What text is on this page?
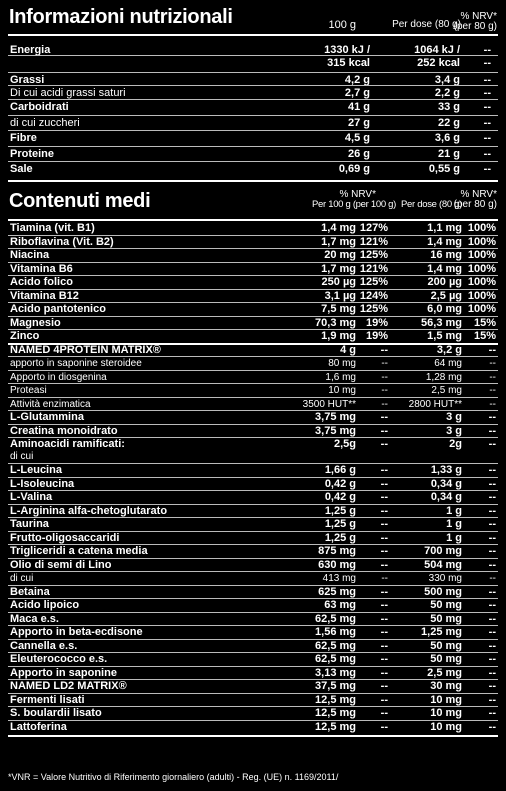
Informazioni nutrizionali	100 g	Per dose (80 g)
% NRV*
(per 80 g)
Energia	1330 kJ /	1064 kJ / --
315 kcal	252 kcal --
Grassi	4,2 g	3,4 g --
Di cui acidi grassi saturi	2,7 g	2,2 g --
Carboidrati	41 g	33 g --
di cui zuccheri	27 g	22 g --
Fibre	4,5 g	3,6 g --
Proteine	26 g	21 g --
Sale	0,69 g	0,55 g --
Contenuti medi	% NRV*
Per 100 g (per 100 g) Per dose (80 g)
% NRV*
(per 80 g)
Tiamina (vit. B1)	1,4 mg 127%	1,1 mg 100%
Riboflavina (Vit. B2)	1,7 mg 121%	1,4 mg 100%
Niacina	20 mg 125%	16 mg 100%
Vitamina B6	1,7 mg 121%	1,4 mg 100%
Acido folico	250 µg 125%	200 µg 100%
Vitamina B12	3,1 µg 124%	2,5 µg 100%
Acido pantotenico	7,5 mg 125%	6,0 mg 100%
Magnesio	70,3 mg 19%	56,3 mg 15%
Zinco	1,9 mg 19%	1,5 mg 15%
NAMED 4PROTEIN MATRIX®	4 g --	3,2 g --
apporto in saponine steroidee	80 mg	--	64 mg	--
Apporto in diosgenina	1,6 mg	--	1,28 mg	--
Proteasi	10 mg	--	2,5 mg	--
Attività enzimatica	3500 HUT**	-- 2800 HUT**	--
L-Glutammina	3,75 mg --	3 g --
Creatina monoidrato	3,75 mg --	3 g --
Aminoacidi ramificati:	2,5g --	2g --
di cui
L-Leucina	1,66 g --	1,33 g --
L-Isoleucina	0,42 g --	0,34 g --
L-Valina	0,42 g --	0,34 g --
L-Arginina alfa-chetoglutarato	1,25 g --	1 g --
Taurina	1,25 g --	1 g --
Frutto-oligosaccaridi	1,25 g --	1 g --
Trigliceridi a catena media	875 mg --	700 mg --
Olio di semi di Lino	630 mg --	504 mg --
di cui	413 mg	--	330 mg	--
Betaina	625 mg --	500 mg --
Acido lipoico	63 mg --	50 mg --
Maca e.s.	62,5 mg --	50 mg --
Apporto in beta-ecdisone	1,56 mg --	1,25 mg --
Cannella e.s.	62,5 mg --	50 mg --
Eleuterococco e.s.	62,5 mg --	50 mg --
Apporto in saponine	3,13 mg --	2,5 mg --
NAMED LD2 MATRIX®	37,5 mg --	30 mg --
Fermenti lisati	12,5 mg --	10 mg --
S. boulardii lisato	12,5 mg --	10 mg --
Lattoferina	12,5 mg --	10 mg --
*VNR = Valore Nutritivo di Riferimento giornaliero (adulti) - Reg. (UE) n. 1169/2011/
